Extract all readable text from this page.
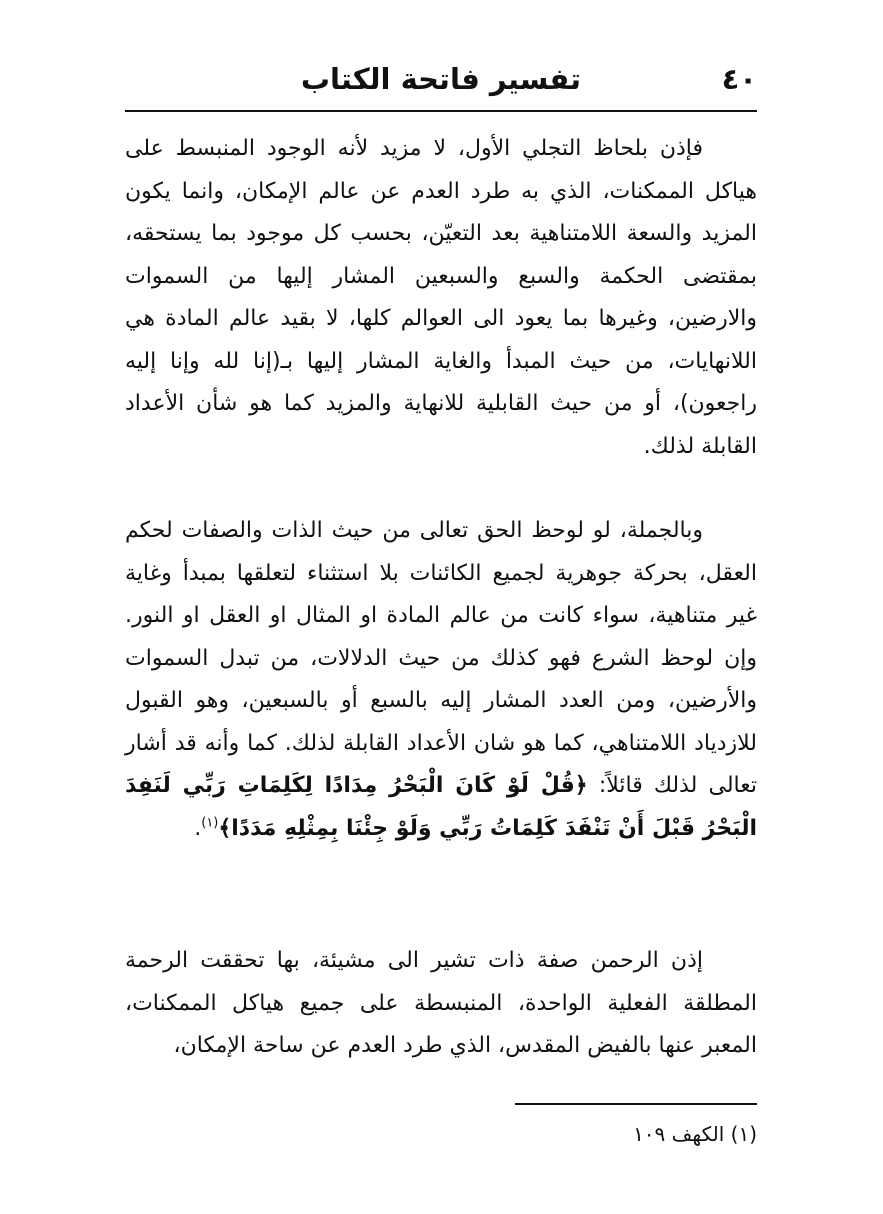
٤٠
تفسير فاتحة الكتاب

فإذن بلحاظ التجلي الأول، لا مزيد لأنه الوجود المنبسط على هياكل الممكنات، الذي به طرد العدم عن عالم الإمكان، وانما يكون المزيد والسعة اللامتناهية بعد التعيّن، بحسب كل موجود بما يستحقه، بمقتضى الحكمة والسبع والسبعين المشار إليها من السموات والارضين، وغيرها بما يعود الى العوالم كلها، لا بقيد عالم المادة هي اللانهايات، من حيث المبدأ والغاية المشار إليها بـ(إنا لله وإنا إليه راجعون)، أو من حيث القابلية للانهاية والمزيد كما هو شأن الأعداد القابلة لذلك.

وبالجملة، لو لوحظ الحق تعالى من حيث الذات والصفات لحكم العقل، بحركة جوهرية لجميع الكائنات بلا استثناء لتعلقها بمبدأ وغاية غير متناهية، سواء كانت من عالم المادة او المثال او العقل او النور. وإن لوحظ الشرع فهو كذلك من حيث الدلالات، من تبدل السموات والأرضين، ومن العدد المشار إليه بالسبع أو بالسبعين، وهو القبول للازدياد اللامتناهي، كما هو شان الأعداد القابلة لذلك. كما وأنه قد أشار تعالى لذلك قائلاً: ﴿قُلْ لَوْ كَانَ الْبَحْرُ مِدَادًا لِكَلِمَاتِ رَبِّي لَنَفِدَ الْبَحْرُ قَبْلَ أَنْ تَنْفَدَ كَلِمَاتُ رَبِّي وَلَوْ جِئْنَا بِمِثْلِهِ مَدَدًا﴾$^{(١)}$.

إذن الرحمن صفة ذات تشير الى مشيئة، بها تحققت الرحمة المطلقة الفعلية الواحدة، المنبسطة على جميع هياكل الممكنات، المعبر عنها بالفيض المقدس، الذي طرد العدم عن ساحة الإمكان،

(١) الكهف ١٠٩
